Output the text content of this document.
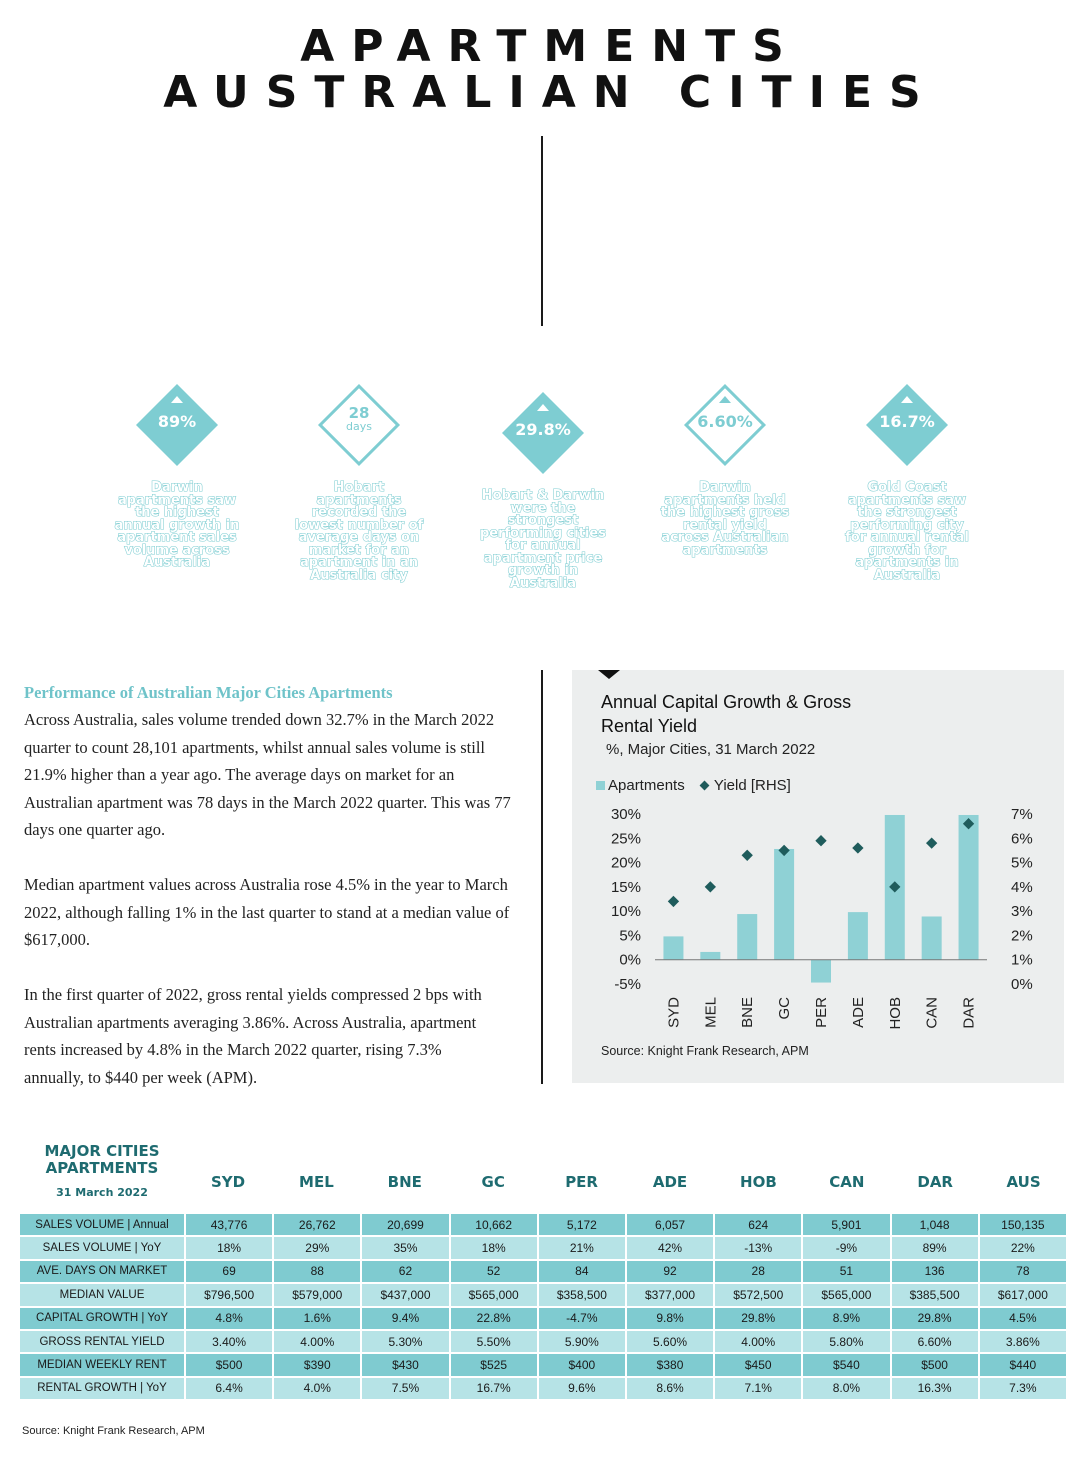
APARTMENTS
AUSTRALIAN CITIES
89%
Darwin apartments saw the highest annual growth in apartment sales volume across Australia
28
days
Hobart apartments recorded the lowest number of average days on market for an apartment in an Australia city
29.8%
Hobart & Darwin were the strongest performing cities for annual apartment price growth in Australia
6.60%
Darwin apartments held the highest gross rental yield across Australian apartments
16.7%
Gold Coast apartments saw the strongest performing city for annual rental growth for apartments in Australia
Performance of Australian Major Cities Apartments
Across Australia, sales volume trended down 32.7% in the March 2022 quarter to count 28,101 apartments, whilst annual sales volume is still 21.9% higher than a year ago. The average days on market for an Australian apartment was 78 days in the March 2022 quarter. This was 77 days one quarter ago.
Median apartment values across Australia rose 4.5% in the year to March 2022, although falling 1% in the last quarter to stand at a median value of $617,000.
In the first quarter of 2022, gross rental yields compressed 2 bps with Australian apartments averaging 3.86%. Across Australia, apartment rents increased by 4.8% in the March 2022 quarter, rising 7.3% annually, to $440 per week (APM).
Annual Capital Growth & Gross Rental Yield
%, Major Cities, 31 March 2022
Apartments Yield [RHS]
30%
25%
20%
15%
10%
5%
0%
-5%
7%
6%
5%
4%
3%
2%
1%
0%
SYD MEL BNE GC PER ADE HOB CAN DAR
Source: Knight Frank Research, APM
MAJOR CITIES APARTMENTS
31 March 2022
SYD	MEL	BNE	GC	PER	ADE	HOB	CAN	DAR	AUS
SALES VOLUME | Annual	43,776	26,762	20,699	10,662	5,172	6,057	624	5,901	1,048	150,135
SALES VOLUME | YoY	18%	29%	35%	18%	21%	42%	-13%	-9%	89%	22%
AVE. DAYS ON MARKET	69	88	62	52	84	92	28	51	136	78
MEDIAN VALUE	$796,500	$579,000	$437,000	$565,000	$358,500	$377,000	$572,500	$565,000	$385,500	$617,000
CAPITAL GROWTH | YoY	4.8%	1.6%	9.4%	22.8%	-4.7%	9.8%	29.8%	8.9%	29.8%	4.5%
GROSS RENTAL YIELD	3.40%	4.00%	5.30%	5.50%	5.90%	5.60%	4.00%	5.80%	6.60%	3.86%
MEDIAN WEEKLY RENT	$500	$390	$430	$525	$400	$380	$450	$540	$500	$440
RENTAL GROWTH | YoY	6.4%	4.0%	7.5%	16.7%	9.6%	8.6%	7.1%	8.0%	16.3%	7.3%
Source: Knight Frank Research, APM
